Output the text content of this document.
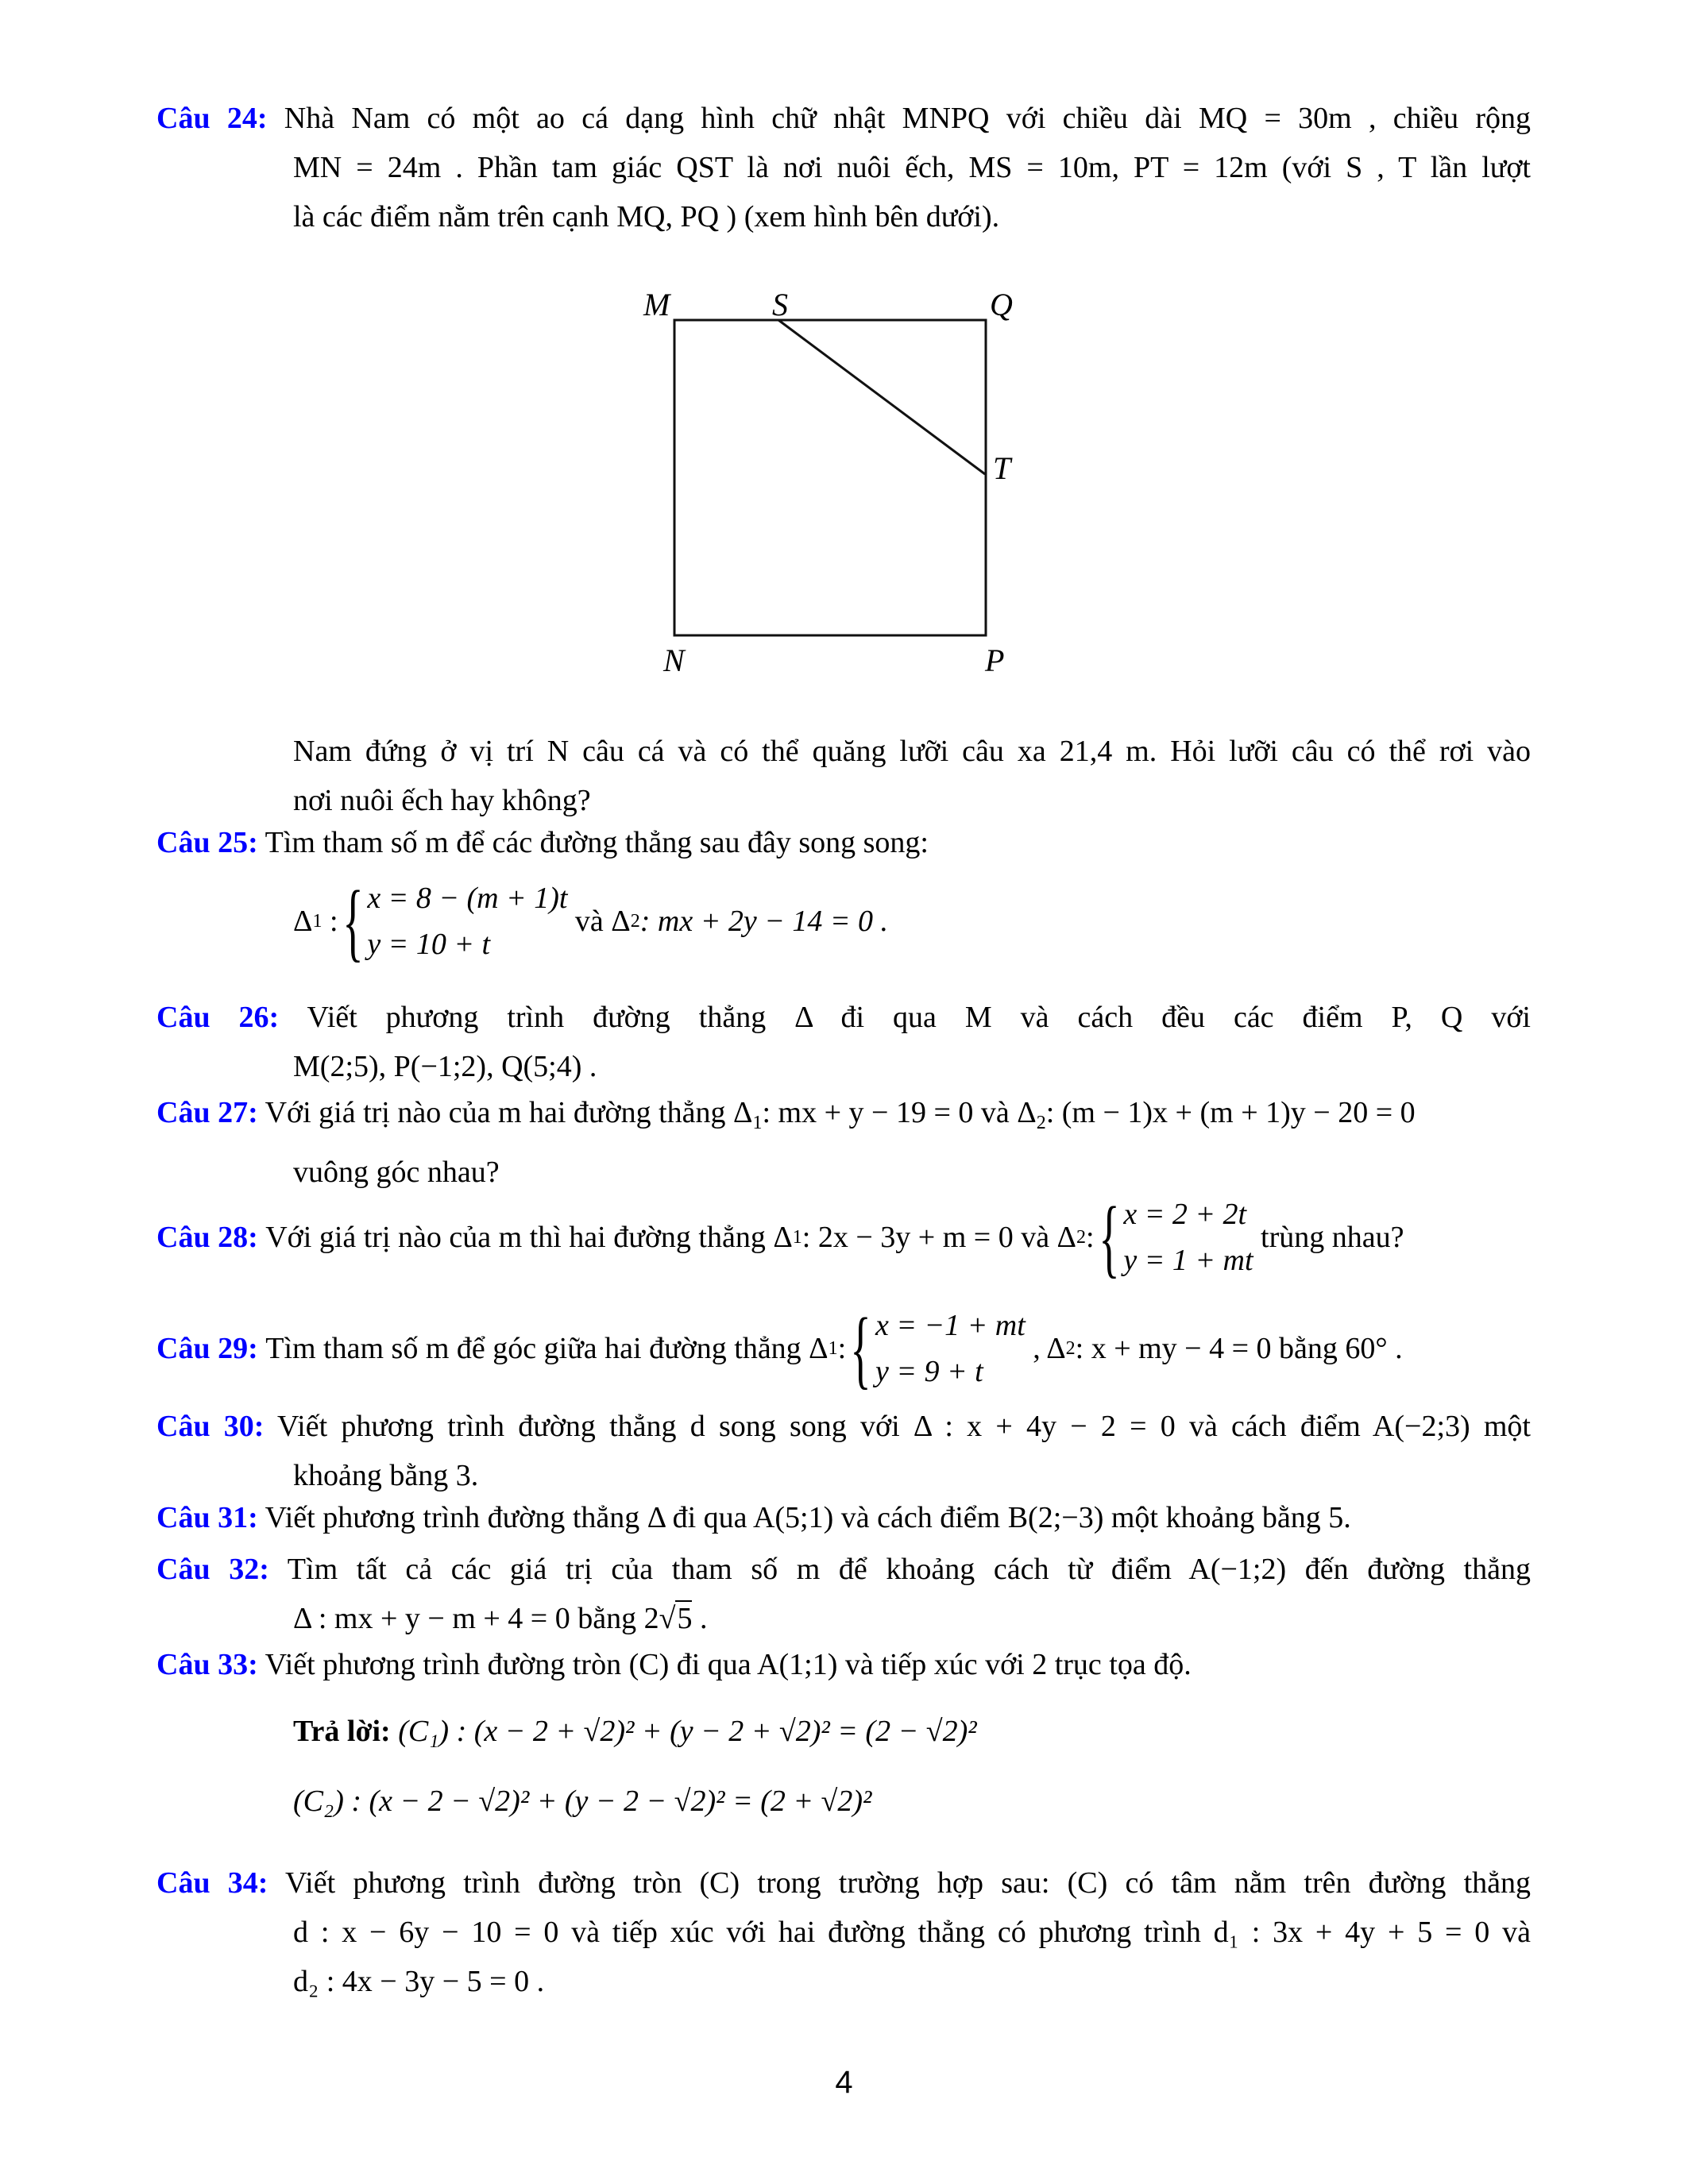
Câu 24: Nhà Nam có một ao cá dạng hình chữ nhật MNPQ với chiều dài MQ = 30m , chiều rộng
MN = 24m . Phần tam giác QST là nơi nuôi ếch, MS = 10m, PT = 12m (với S , T lần lượt
là các điểm nằm trên cạnh MQ, PQ ) (xem hình bên dưới).
M	S	Q
T
N	P
Nam đứng ở vị trí N câu cá và có thể quăng lưỡi câu xa 21,4 m. Hỏi lưỡi câu có thể rơi vào
nơi nuôi ếch hay không?
Câu 25: Tìm tham số m để các đường thẳng sau đây song song:
Δ 1 : { x = 8 − (m + 1)t
y = 10 + t

và
Δ 2 : mx + 2y − 14 = 0 .
Câu 26: Viết phương trình đường thẳng Δ đi qua M và cách đều các điểm P, Q với
M(2;5), P(−1;2), Q(5;4) .
Câu 27: Với giá trị nào của m hai đường thẳng $\Delta_1$: mx + y − 19 = 0 và $\Delta_2$: (m − 1)x + (m + 1)y − 20 = 0
vuông góc nhau?
Câu 28:
Với giá trị nào của m thì hai đường thẳng Δ 1 : 2x − 3y + m = 0 và Δ 2 : { x = 2 + 2t
y = 1 + mt

trùng nhau?
Câu 29:
Tìm tham số m để góc giữa hai đường thẳng Δ 1 : { x = −1 + mt
y = 9 + t

, Δ 2 : x + my − 4 = 0 bằng 60° .
Câu 30: Viết phương trình đường thẳng d song song với Δ : x + 4y − 2 = 0 và cách điểm A(−2;3) một
khoảng bằng 3.
Câu 31: Viết phương trình đường thẳng Δ đi qua A(5;1) và cách điểm B(2;−3) một khoảng bằng 5.
Câu 32: Tìm tất cả các giá trị của tham số m để khoảng cách từ điểm A(−1;2) đến đường thẳng
Δ : mx + y − m + 4 = 0 bằng 2√5 .
Câu 33: Viết phương trình đường tròn (C) đi qua A(1;1) và tiếp xúc với 2 trục tọa độ.
Trả lời: (C₁) : (x − 2 + √2)² + (y − 2 + √2)² = (2 − √2)²
(C₂) : (x − 2 − √2)² + (y − 2 − √2)² = (2 + √2)²
Câu 34: Viết phương trình đường tròn (C) trong trường hợp sau: (C) có tâm nằm trên đường thẳng
d : x − 6y − 10 = 0 và tiếp xúc với hai đường thẳng có phương trình d₁ : 3x + 4y + 5 = 0 và
d₂ : 4x − 3y − 5 = 0 .
4
